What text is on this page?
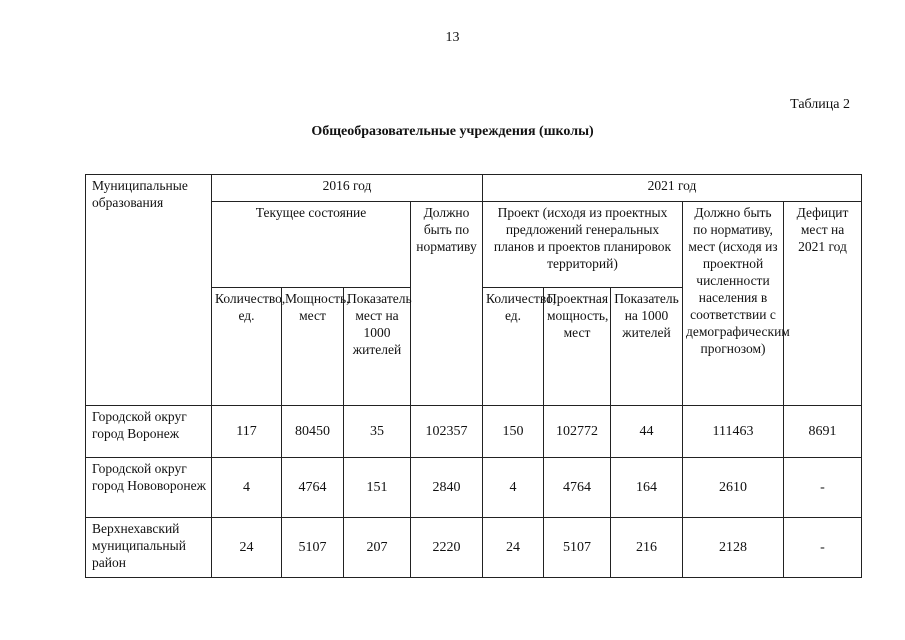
13
Таблица 2
Общеобразовательные учреждения (школы)
Муниципальные образования	2016 год				2021 год				
	Текущее состояние			Должно быть по нормативу	Проект (исходя из проектных предложений генеральных планов и проектов планировок территорий)			Должно быть по нормативу, мест (исходя из проектной численности населения в соответствии с демографическим прогнозом)	Дефицит мест на 2021 год
	Количество, ед.	Мощность, мест	Показатель мест на 1000 жителей		Количество, ед.	Проектная мощность, мест	Показатель на 1000 жителей		
Городской округ город Воронеж	117	80450	35	102357	150	102772	44	111463	8691
Городской округ город Нововоронеж	4	4764	151	2840	4	4764	164	2610	-
Верхнехавский муниципальный район	24	5107	207	2220	24	5107	216	2128	-
